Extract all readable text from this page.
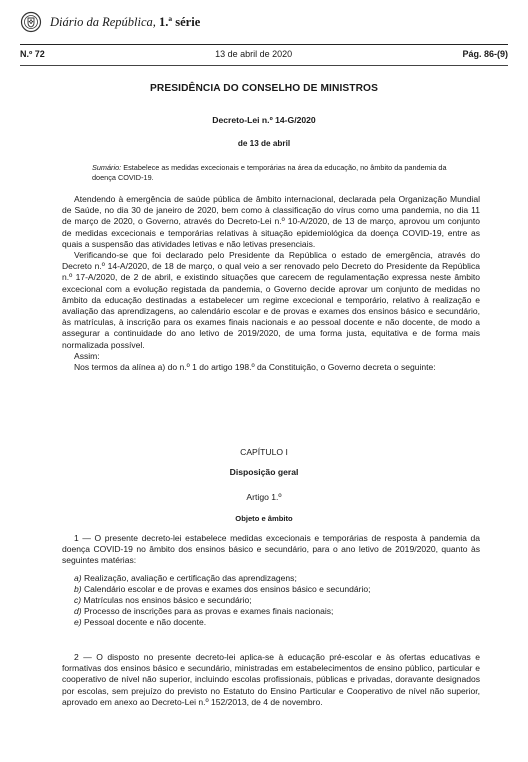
Diário da República, 1.ª série
N.º 72	13 de abril de 2020	Pág. 86-(9)
PRESIDÊNCIA DO CONSELHO DE MINISTROS
Decreto-Lei n.º 14-G/2020
de 13 de abril
Sumário: Estabelece as medidas excecionais e temporárias na área da educação, no âmbito da pandemia da doença COVID-19.

Atendendo à emergência de saúde pública de âmbito internacional, declarada pela Organização Mundial de Saúde, no dia 30 de janeiro de 2020, bem como à classificação do vírus como uma pandemia, no dia 11 de março de 2020, o Governo, através do Decreto-Lei n.º 10-A/2020, de 13 de março, aprovou um conjunto de medidas excecionais e temporárias relativas à situação epidemiológica da doença COVID-19, entre as quais a suspensão das atividades letivas e não letivas presenciais.

Verificando-se que foi declarado pelo Presidente da República o estado de emergência, através do Decreto n.º 14-A/2020, de 18 de março, o qual veio a ser renovado pelo Decreto do Presidente da República n.º 17-A/2020, de 2 de abril, e existindo situações que carecem de regulamentação expressa neste âmbito excecional com a evolução registada da pandemia, o Governo decide aprovar um conjunto de medidas no âmbito da educação destinadas a estabelecer um regime excecional e temporário, relativo à realização e avaliação das aprendizagens, ao calendário escolar e de provas e exames dos ensinos básico e secundário, às matrículas, à inscrição para os exames finais nacionais e ao pessoal docente e não docente, de modo a assegurar a continuidade do ano letivo de 2019/2020, de uma forma justa, equitativa e de forma mais normalizada possível.

Assim:

Nos termos da alínea a) do n.º 1 do artigo 198.º da Constituição, o Governo decreta o seguinte:

CAPÍTULO I
Disposição geral
Artigo 1.º
Objeto e âmbito

1 — O presente decreto-lei estabelece medidas excecionais e temporárias de resposta à pandemia da doença COVID-19 no âmbito dos ensinos básico e secundário, para o ano letivo de 2019/2020, quanto às seguintes matérias:

a) Realização, avaliação e certificação das aprendizagens;
b) Calendário escolar e de provas e exames dos ensinos básico e secundário;
c) Matrículas nos ensinos básico e secundário;
d) Processo de inscrições para as provas e exames finais nacionais;
e) Pessoal docente e não docente.

2 — O disposto no presente decreto-lei aplica-se à educação pré-escolar e às ofertas educativas e formativas dos ensinos básico e secundário, ministradas em estabelecimentos de ensino público, particular e cooperativo de nível não superior, incluindo escolas profissionais, públicas e privadas, doravante designados por escolas, sem prejuízo do previsto no Estatuto do Ensino Particular e Cooperativo de nível não superior, aprovado em anexo ao Decreto-Lei n.º 152/2013, de 4 de novembro.
